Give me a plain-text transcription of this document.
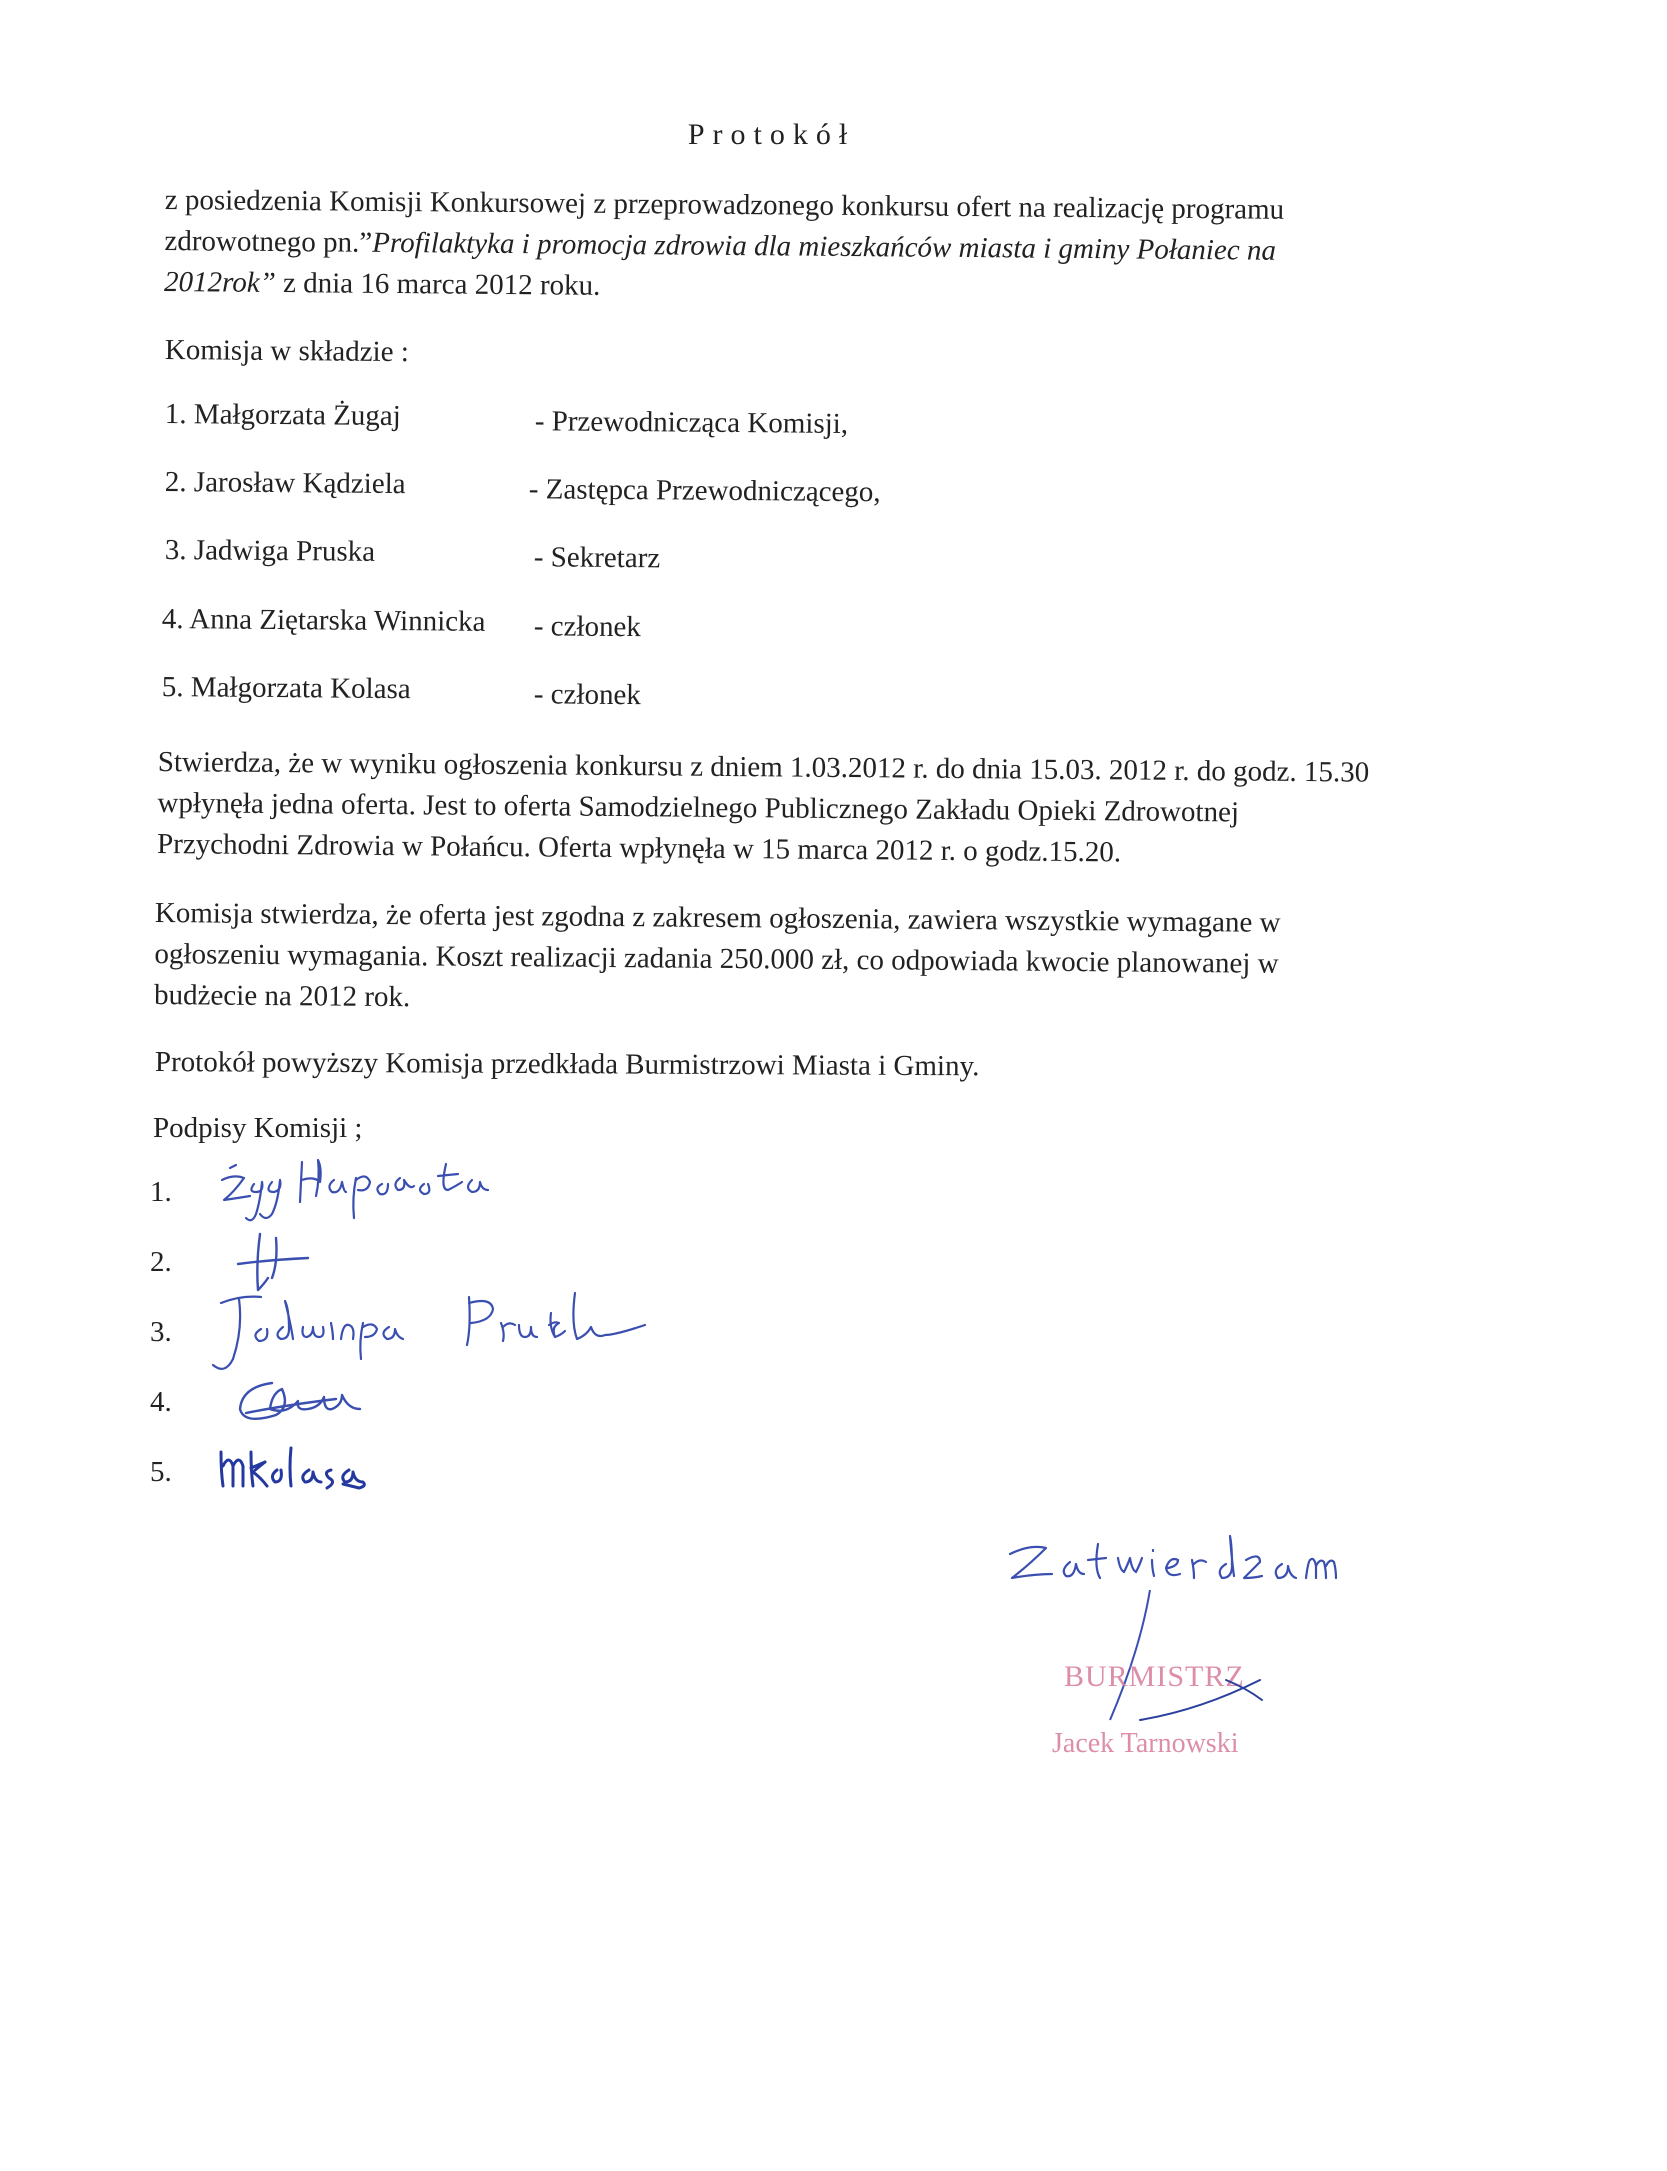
Protokół
z posiedzenia Komisji Konkursowej z przeprowadzonego konkursu ofert na realizację programu zdrowotnego pn.”Profilaktyka i promocja zdrowia dla mieszkańców miasta i gminy Połaniec na 2012rok” z dnia 16 marca 2012 roku.
Komisja w składzie :
1. Małgorzata Żugaj	- Przewodnicząca Komisji,
2. Jarosław Kądziela	- Zastępca Przewodniczącego,
3. Jadwiga Pruska	- Sekretarz
4. Anna Ziętarska Winnicka - członek
5. Małgorzata Kolasa	- członek
Stwierdza, że w wyniku ogłoszenia konkursu z dniem 1.03.2012 r. do dnia 15.03. 2012 r. do godz. 15.30 wpłynęła jedna oferta. Jest to oferta Samodzielnego Publicznego Zakładu Opieki Zdrowotnej Przychodni Zdrowia w Połańcu. Oferta wpłynęła w 15 marca 2012 r. o godz.15.20.
Komisja stwierdza, że oferta jest zgodna z zakresem ogłoszenia, zawiera wszystkie wymagane w ogłoszeniu wymagania. Koszt realizacji zadania 250.000 zł, co odpowiada kwocie planowanej w budżecie na 2012 rok.
Protokół powyższy Komisja przedkłada Burmistrzowi Miasta i Gminy.
Podpisy Komisji ;
1.
2.
3.
4.
5.
BURMISTRZ
Jacek Tarnowski
